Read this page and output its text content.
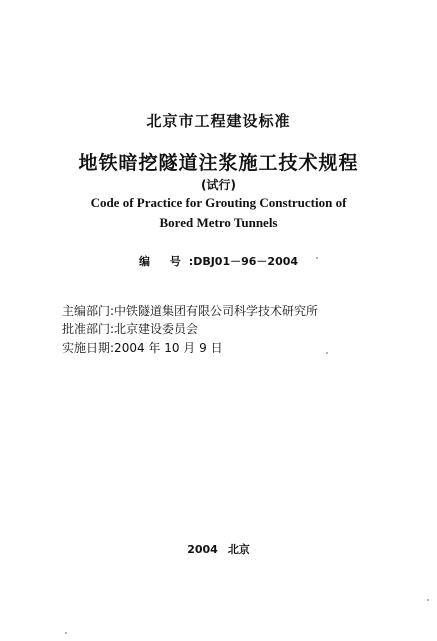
北京市工程建设标准
地铁暗挖隧道注浆施工技术规程
(试行)
Code of Practice for Grouting Construction of
Bored Metro Tunnels
编 号:DBJ01－96－2004
主编部门:中铁隧道集团有限公司科学技术研究所
批准部门:北京建设委员会
实施日期:2004 年 10 月 9 日
2004 北京
